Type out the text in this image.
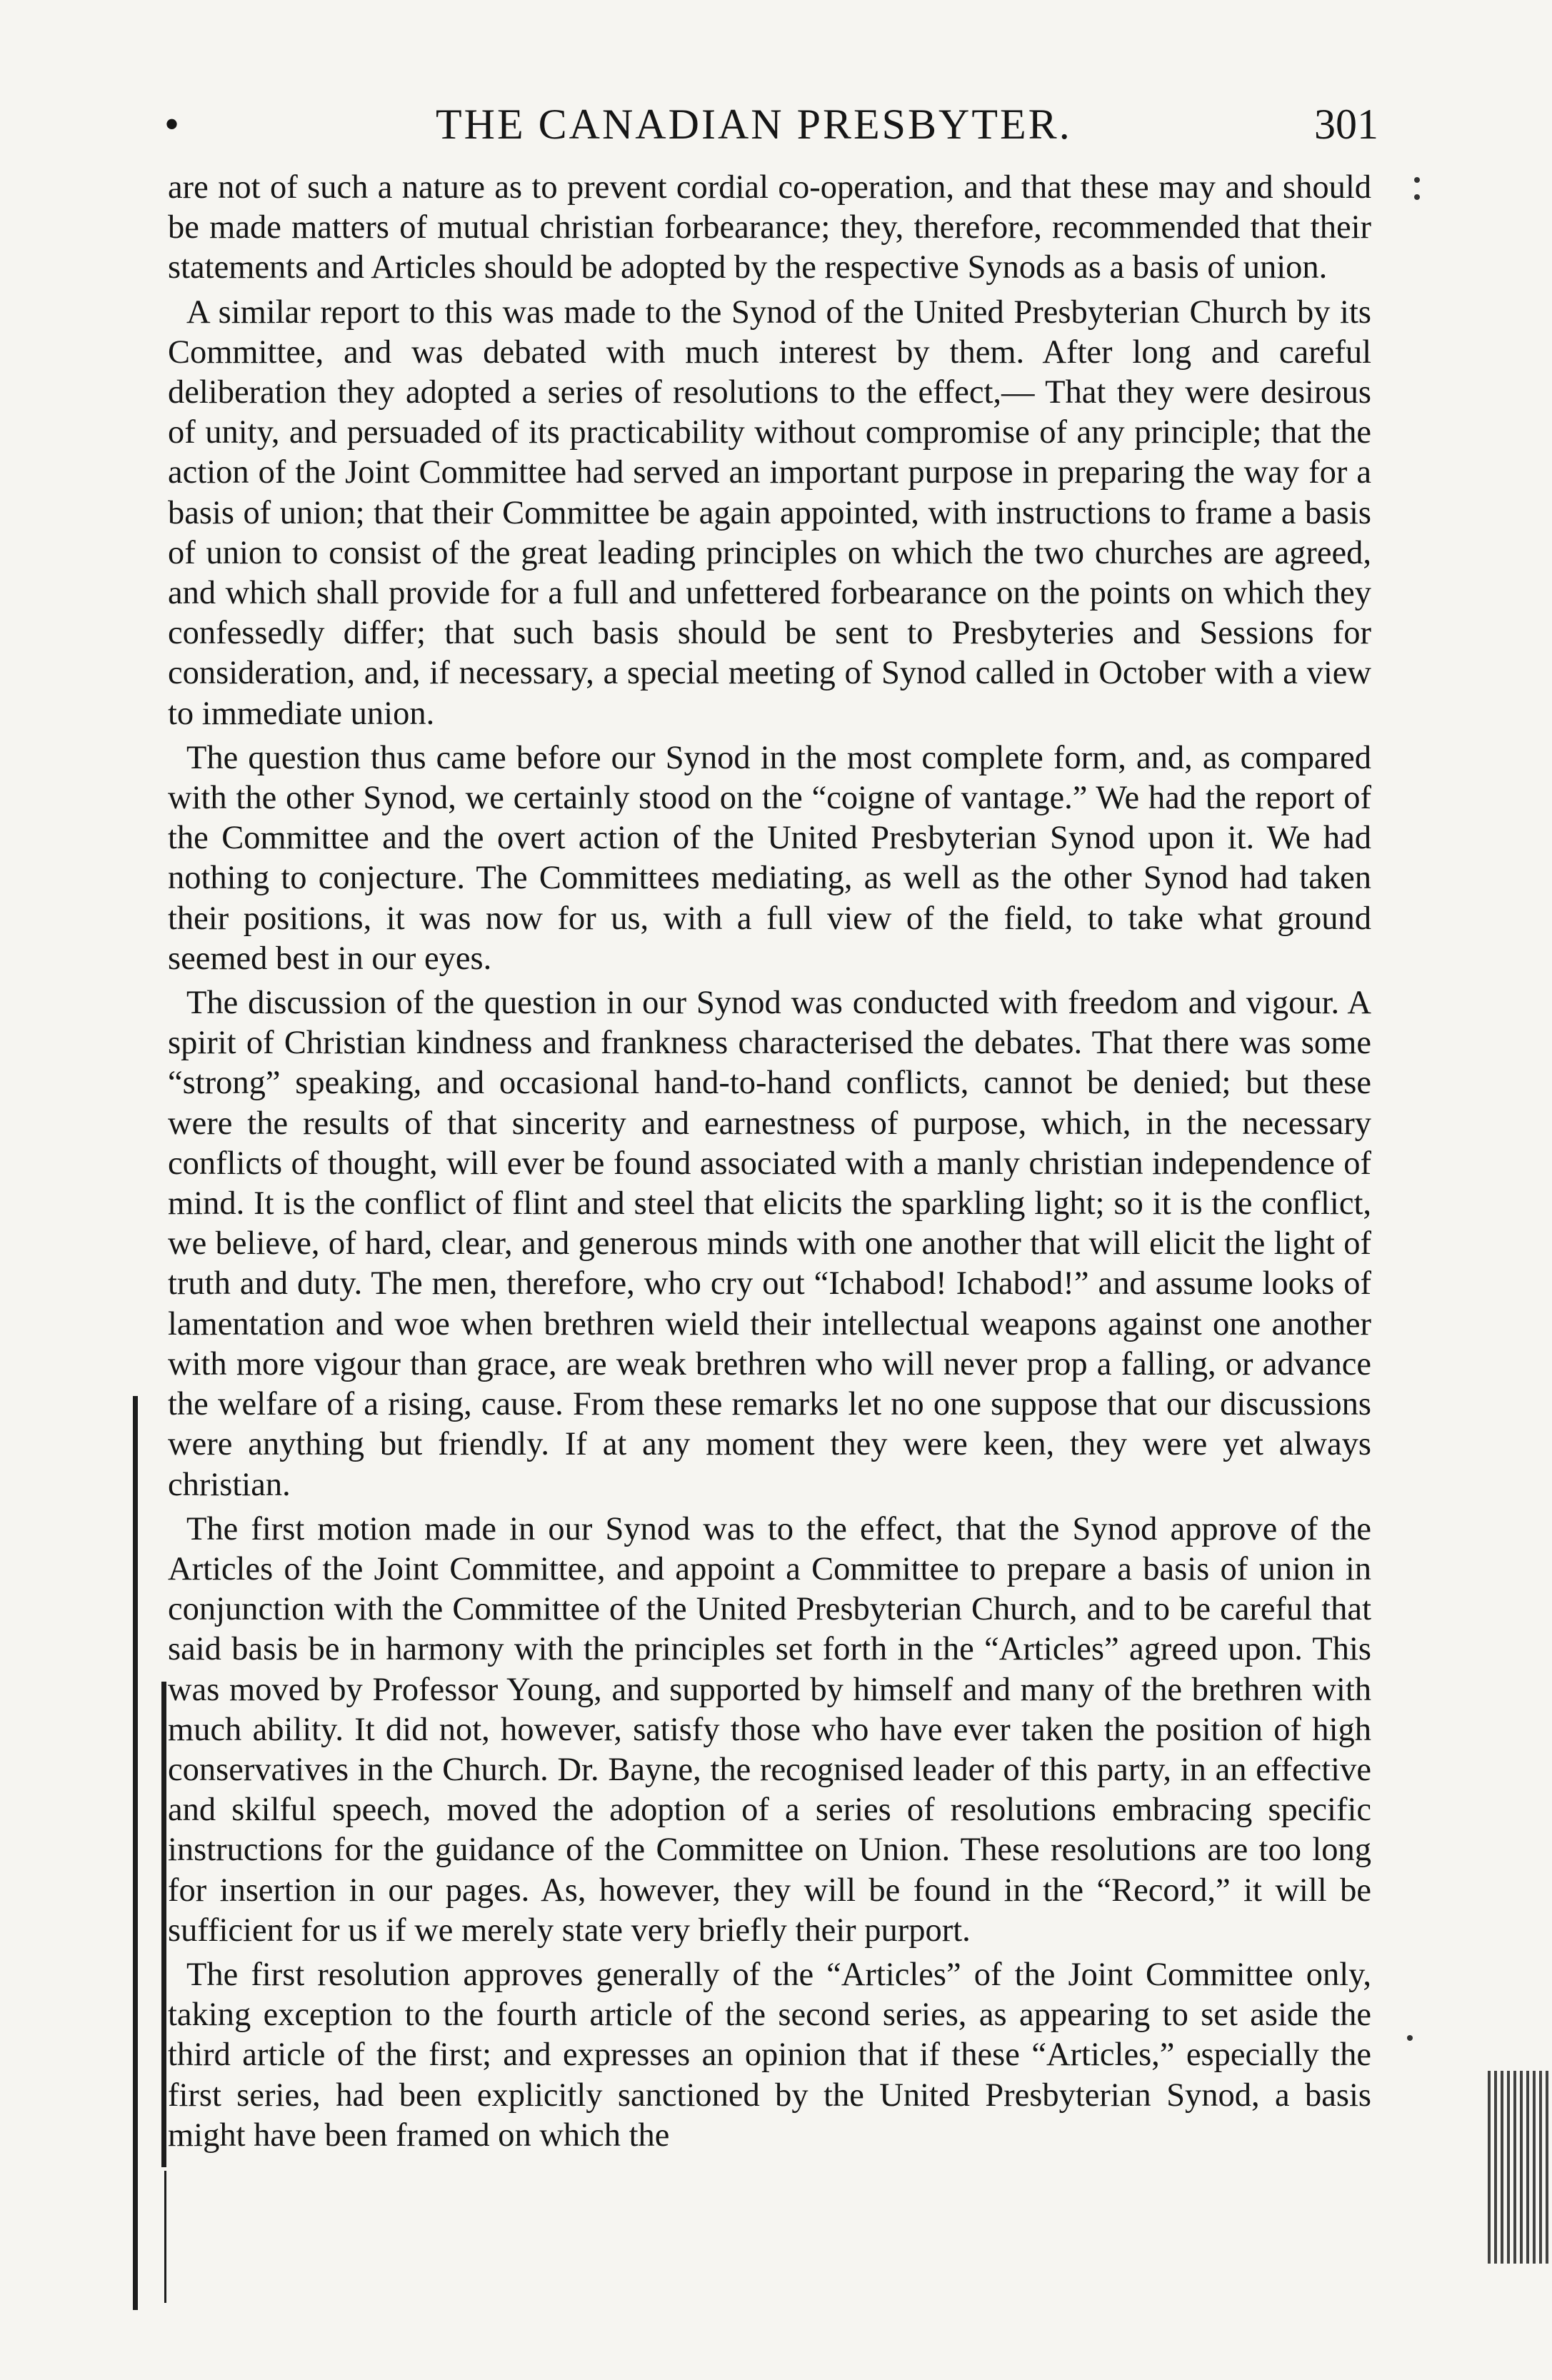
•	THE CANADIAN PRESBYTER.	301

are not of such a nature as to prevent cordial co-operation, and that these may and should be made matters of mutual christian forbearance; they, therefore, recommended that their statements and Articles should be adopted by the respective Synods as a basis of union.

A similar report to this was made to the Synod of the United Presbyterian Church by its Committee, and was debated with much interest by them. After long and careful deliberation they adopted a series of resolutions to the effect,— That they were desirous of unity, and persuaded of its practicability without compromise of any principle; that the action of the Joint Committee had served an important purpose in preparing the way for a basis of union; that their Committee be again appointed, with instructions to frame a basis of union to consist of the great leading principles on which the two churches are agreed, and which shall provide for a full and unfettered forbearance on the points on which they confessedly differ; that such basis should be sent to Presbyteries and Sessions for consideration, and, if necessary, a special meeting of Synod called in October with a view to immediate union.

The question thus came before our Synod in the most complete form, and, as compared with the other Synod, we certainly stood on the “coigne of vantage.” We had the report of the Committee and the overt action of the United Presbyterian Synod upon it. We had nothing to conjecture. The Committees mediating, as well as the other Synod had taken their positions, it was now for us, with a full view of the field, to take what ground seemed best in our eyes.

The discussion of the question in our Synod was conducted with freedom and vigour. A spirit of Christian kindness and frankness characterised the debates. That there was some “strong” speaking, and occasional hand-to-hand conflicts, cannot be denied; but these were the results of that sincerity and earnestness of purpose, which, in the necessary conflicts of thought, will ever be found associated with a manly christian independence of mind. It is the conflict of flint and steel that elicits the sparkling light; so it is the conflict, we believe, of hard, clear, and generous minds with one another that will elicit the light of truth and duty. The men, therefore, who cry out “Ichabod! Ichabod!” and assume looks of lamentation and woe when brethren wield their intellectual weapons against one another with more vigour than grace, are weak brethren who will never prop a falling, or advance the welfare of a rising, cause. From these remarks let no one suppose that our discussions were anything but friendly. If at any moment they were keen, they were yet always christian.

The first motion made in our Synod was to the effect, that the Synod approve of the Articles of the Joint Committee, and appoint a Committee to prepare a basis of union in conjunction with the Committee of the United Presbyterian Church, and to be careful that said basis be in harmony with the principles set forth in the “Articles” agreed upon. This was moved by Professor Young, and supported by himself and many of the brethren with much ability. It did not, however, satisfy those who have ever taken the position of high conservatives in the Church. Dr. Bayne, the recognised leader of this party, in an effective and skilful speech, moved the adoption of a series of resolutions embracing specific instructions for the guidance of the Committee on Union. These resolutions are too long for insertion in our pages. As, however, they will be found in the “Record,” it will be sufficient for us if we merely state very briefly their purport.

The first resolution approves generally of the “Articles” of the Joint Committee only, taking exception to the fourth article of the second series, as appearing to set aside the third article of the first; and expresses an opinion that if these “Articles,” especially the first series, had been explicitly sanctioned by the United Presbyterian Synod, a basis might have been framed on which the
